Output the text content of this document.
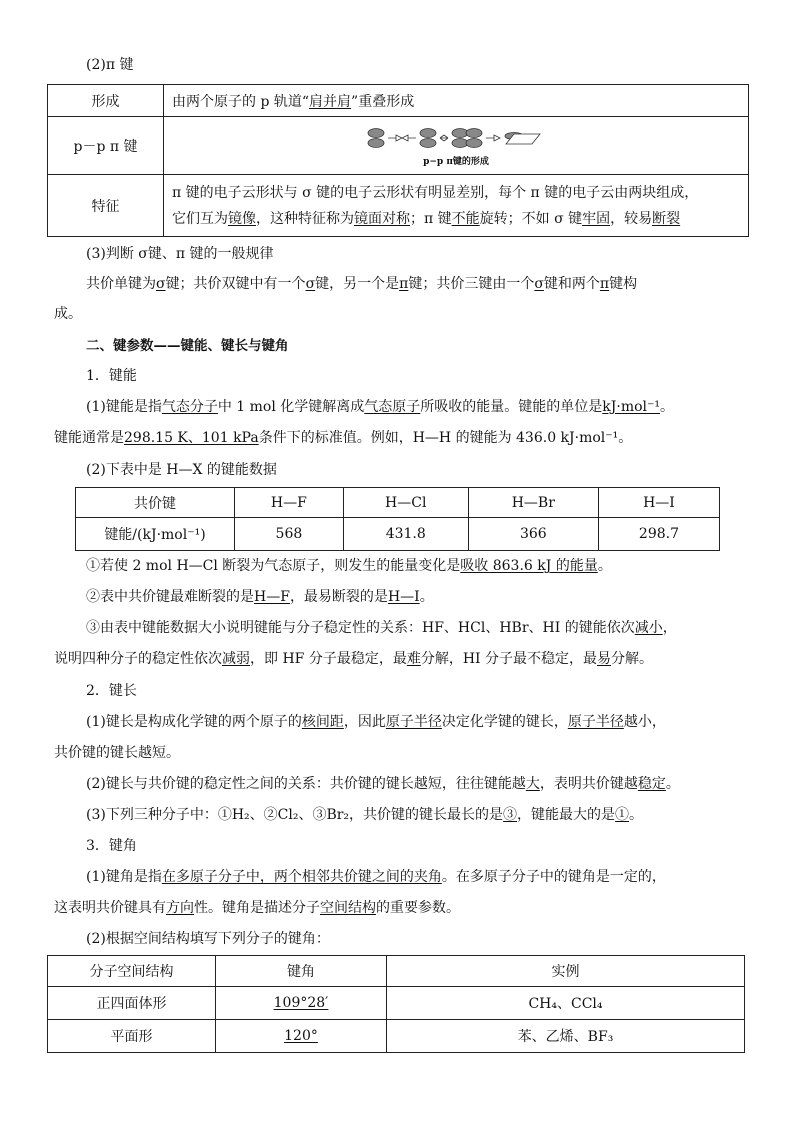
(2)π 键
形成	由两个原子的 p 轨道“肩并肩”重叠形成
p－p π 键	p−p π键的形成

特征	π 键的电子云形状与 σ 键的电子云形状有明显差别，每个 π 键的电子云由两块组成，
它们互为镜像，这种特征称为镜面对称；π 键不能旋转；不如 σ 键牢固，较易断裂
(3)判断 σ键、π 键的一般规律
共价单键为σ键；共价双键中有一个σ键，另一个是π键；共价三键由一个σ键和两个π键构
成。
二、键参数——键能、键长与键角
1．键能
(1)键能是指气态分子中 1 mol 化学键解离成气态原子所吸收的能量。键能的单位是kJ·mol⁻¹。
键能通常是298.15 K、101 kPa条件下的标准值。例如，H—H 的键能为 436.0 kJ·mol⁻¹。
(2)下表中是 H—X 的键能数据
共价键	H—F	H—Cl	H—Br	H—I
键能/(kJ·mol⁻¹)	568	431.8	366	298.7
①若使 2 mol H—Cl 断裂为气态原子，则发生的能量变化是吸收 863.6 kJ 的能量。
②表中共价键最难断裂的是H—F，最易断裂的是H—I。
③由表中键能数据大小说明键能与分子稳定性的关系：HF、HCl、HBr、HI 的键能依次减小，
说明四种分子的稳定性依次减弱，即 HF 分子最稳定，最难分解，HI 分子最不稳定，最易分解。
2．键长
(1)键长是构成化学键的两个原子的核间距，因此原子半径决定化学键的键长，原子半径越小，
共价键的键长越短。
(2)键长与共价键的稳定性之间的关系：共价键的键长越短，往往键能越大，表明共价键越稳定。
(3)下列三种分子中：①H₂、②Cl₂、③Br₂，共价键的键长最长的是③，键能最大的是①。
3．键角
(1)键角是指在多原子分子中，两个相邻共价键之间的夹角。在多原子分子中的键角是一定的，
这表明共价键具有方向性。键角是描述分子空间结构的重要参数。
(2)根据空间结构填写下列分子的键角：
分子空间结构	键角	实例
正四面体形	109°28′	CH₄、CCl₄
平面形	120°	苯、乙烯、BF₃
